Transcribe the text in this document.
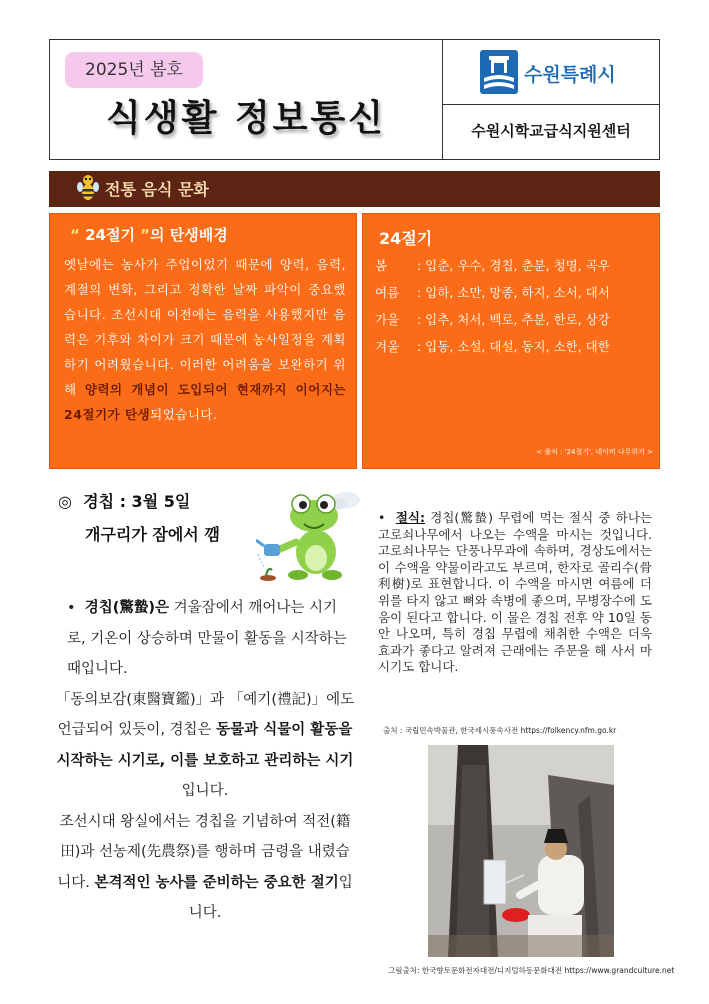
2025년 봄호
식생활 정보통신
수원특례시
수원시학교급식지원센터
전통 음식 문화
“ 24절기 ”의 탄생배경
옛날에는 농사가 주업이었기 때문에 양력, 음력, 계절의 변화, 그리고 정확한 날짜 파악이 중요했습니다. 조선시대 이전에는 음력을 사용했지만 음력은 기후와 차이가 크기 때문에 농사일정을 계획하기 어려웠습니다. 이러한 어려움을 보완하기 위해 양력의 개념이 도입되어 현재까지 이어지는 24절기가 탄생되었습니다.
24절기
봄 : 입춘, 우수, 경칩, 춘분, 청명, 곡우
여름 : 입하, 소만, 망종, 하지, 소서, 대서
가을 : 입추, 처서, 백로, 추분, 한로, 상강
겨울 : 입동, 소설, 대설, 동지, 소한, 대한
< 출처 : '24절기', 네이버 나무위키 >
◎ 경칩 : 3월 5일
개구리가 잠에서 깸
• 경칩(驚蟄)은 겨울잠에서 깨어나는 시기로, 기온이 상승하며 만물이 활동을 시작하는 때입니다.
「동의보감(東醫寶鑑)」과 「예기(禮記)」에도 언급되어 있듯이, 경칩은 동물과 식물이 활동을 시작하는 시기로, 이를 보호하고 관리하는 시기입니다.
조선시대 왕실에서는 경칩을 기념하여 적전(籍田)과 선농제(先農祭)를 행하며 금령을 내렸습니다. 본격적인 농사를 준비하는 중요한 절기입니다.
• 절식: 경칩(驚蟄) 무렵에 먹는 절식 중 하나는 고로쇠나무에서 나오는 수액을 마시는 것입니다. 고로쇠나무는 단풍나무과에 속하며, 경상도에서는 이 수액을 약물이라고도 부르며, 한자로 골리수(骨利樹)로 표현합니다. 이 수액을 마시면 여름에 더위를 타지 않고 뼈와 속병에 좋으며, 무병장수에 도움이 된다고 합니다. 이 물은 경칩 전후 약 10일 동안 나오며, 특히 경칩 무렵에 채취한 수액은 더욱 효과가 좋다고 알려져 근래에는 주문을 해 사서 마시기도 합니다.
출처 : 국립민속박물관, 한국세시풍속사전 https://folkency.nfm.go.kr
그림출처: 한국향토문화전자대전/디지털하동문화대전 https://www.grandculture.net
